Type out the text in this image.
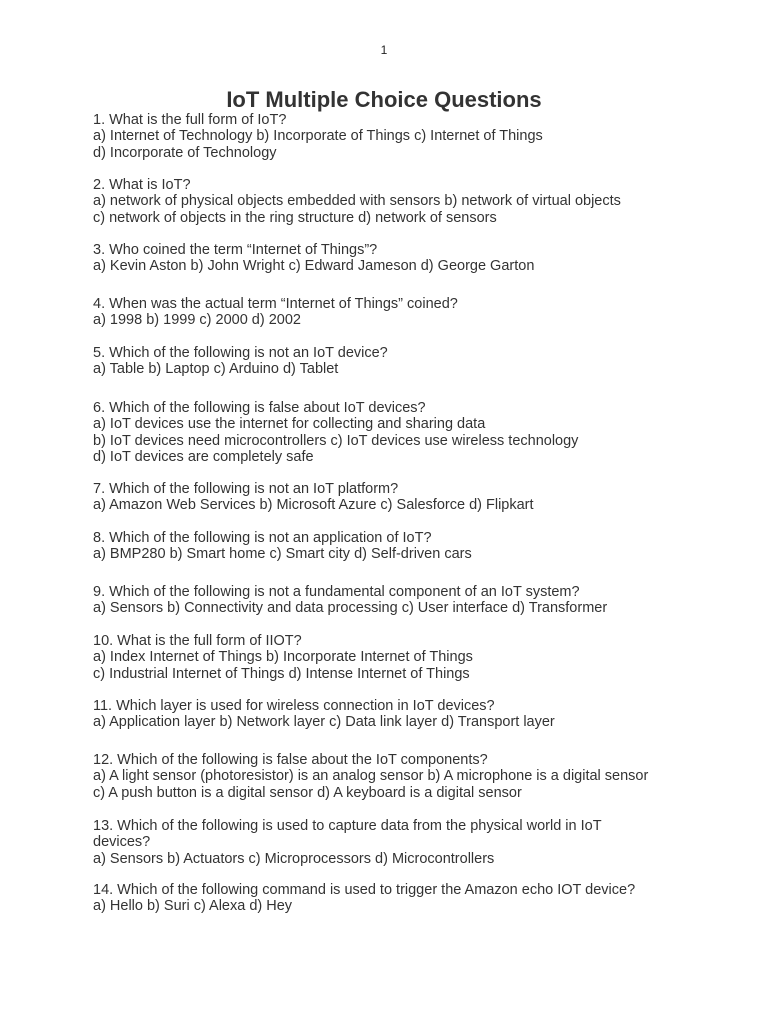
1
IoT Multiple Choice Questions
1. What is the full form of IoT?
a) Internet of Technology b) Incorporate of Things c) Internet of Things
d) Incorporate of Technology
2. What is IoT?
a) network of physical objects embedded with sensors b) network of virtual objects
c) network of objects in the ring structure d) network of sensors
3. Who coined the term “Internet of Things”?
a) Kevin Aston b) John Wright c) Edward Jameson d) George Garton
4. When was the actual term “Internet of Things” coined?
a) 1998 b) 1999 c) 2000 d) 2002
5. Which of the following is not an IoT device?
a) Table b) Laptop c) Arduino d) Tablet
6. Which of the following is false about IoT devices?
a) IoT devices use the internet for collecting and sharing data
b) IoT devices need microcontrollers c) IoT devices use wireless technology
d) IoT devices are completely safe
7. Which of the following is not an IoT platform?
a) Amazon Web Services b) Microsoft Azure c) Salesforce d) Flipkart
8. Which of the following is not an application of IoT?
a) BMP280 b) Smart home c) Smart city d) Self-driven cars
9. Which of the following is not a fundamental component of an IoT system?
a) Sensors b) Connectivity and data processing c) User interface d) Transformer
10. What is the full form of IIOT?
a) Index Internet of Things b) Incorporate Internet of Things
c) Industrial Internet of Things d) Intense Internet of Things
11. Which layer is used for wireless connection in IoT devices?
a) Application layer b) Network layer c) Data link layer d) Transport layer
12. Which of the following is false about the IoT components?
a) A light sensor (photoresistor) is an analog sensor b) A microphone is a digital sensor
c) A push button is a digital sensor d) A keyboard is a digital sensor
13. Which of the following is used to capture data from the physical world in IoT
devices?
a) Sensors b) Actuators c) Microprocessors d) Microcontrollers
14. Which of the following command is used to trigger the Amazon echo IOT device?
a) Hello b) Suri c) Alexa d) Hey
